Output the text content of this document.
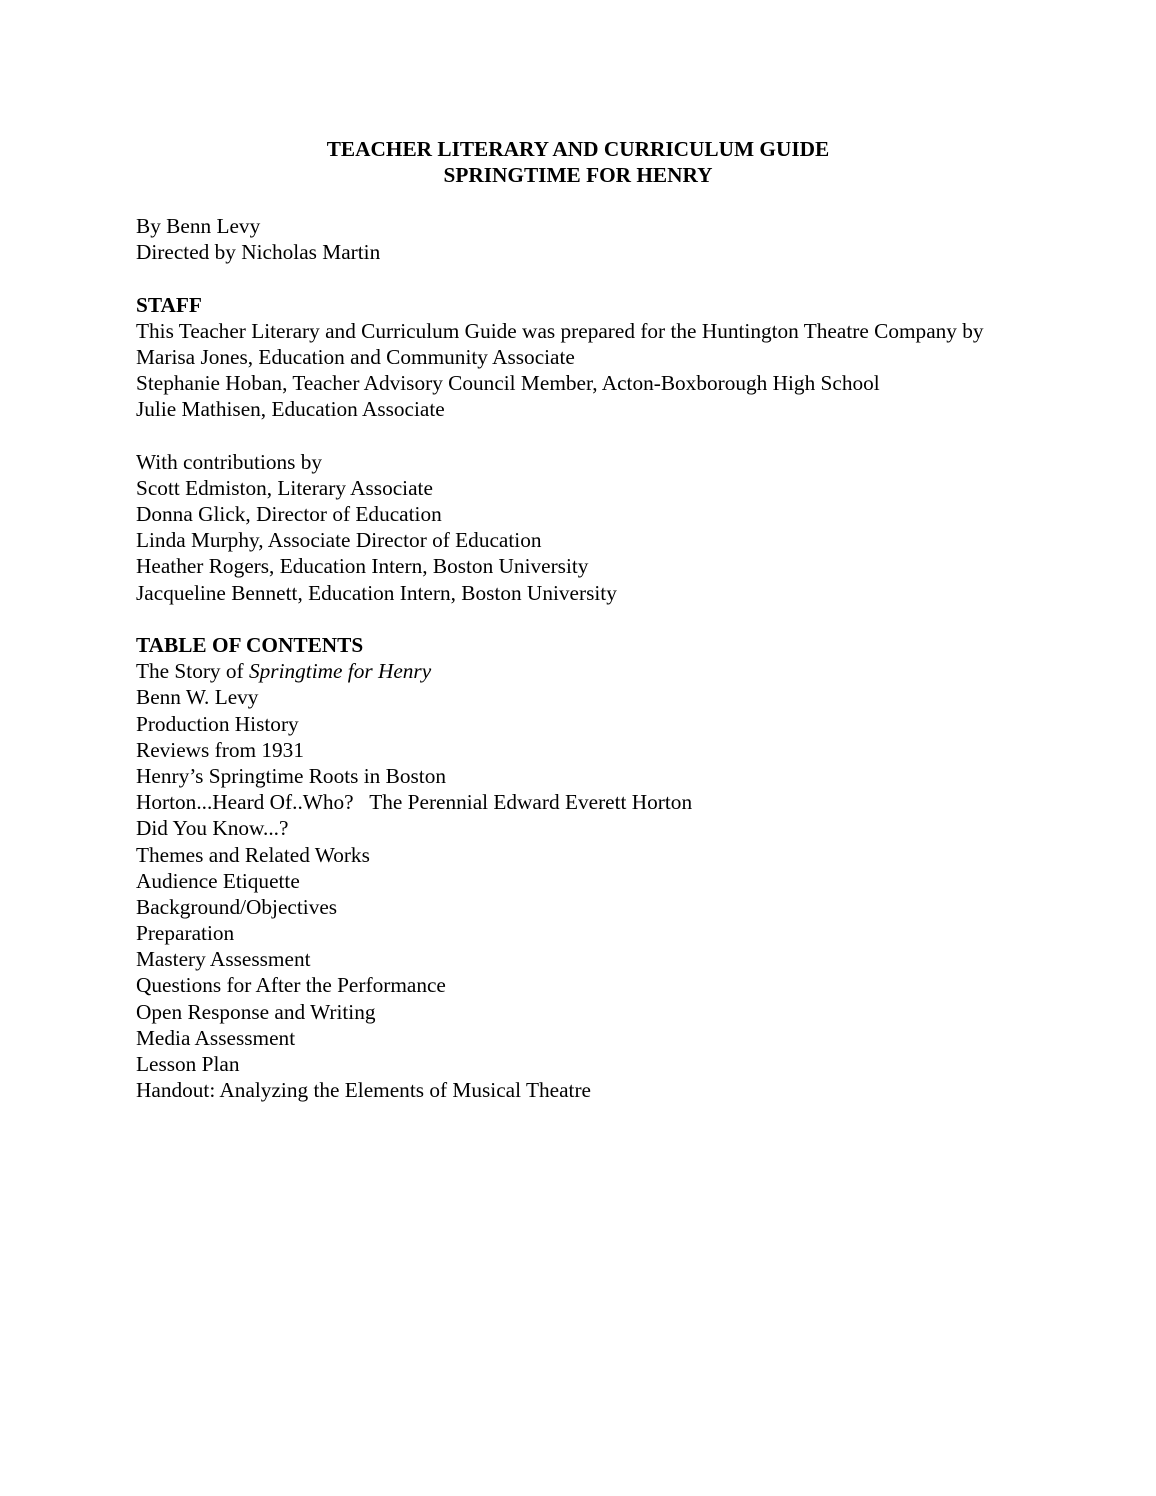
TEACHER LITERARY AND CURRICULUM GUIDE
SPRINGTIME FOR HENRY
By Benn Levy
Directed by Nicholas Martin
STAFF
This Teacher Literary and Curriculum Guide was prepared for the Huntington Theatre Company by
Marisa Jones, Education and Community Associate
Stephanie Hoban, Teacher Advisory Council Member, Acton-Boxborough High School
Julie Mathisen, Education Associate
With contributions by
Scott Edmiston, Literary Associate
Donna Glick, Director of Education
Linda Murphy, Associate Director of Education
Heather Rogers, Education Intern, Boston University
Jacqueline Bennett, Education Intern, Boston University
TABLE OF CONTENTS
The Story of Springtime for Henry
Benn W. Levy
Production History
Reviews from 1931
Henry’s Springtime Roots in Boston
Horton...Heard Of..Who?   The Perennial Edward Everett Horton
Did You Know...?
Themes and Related Works
Audience Etiquette
Background/Objectives
Preparation
Mastery Assessment
Questions for After the Performance
Open Response and Writing
Media Assessment
Lesson Plan
Handout: Analyzing the Elements of Musical Theatre
